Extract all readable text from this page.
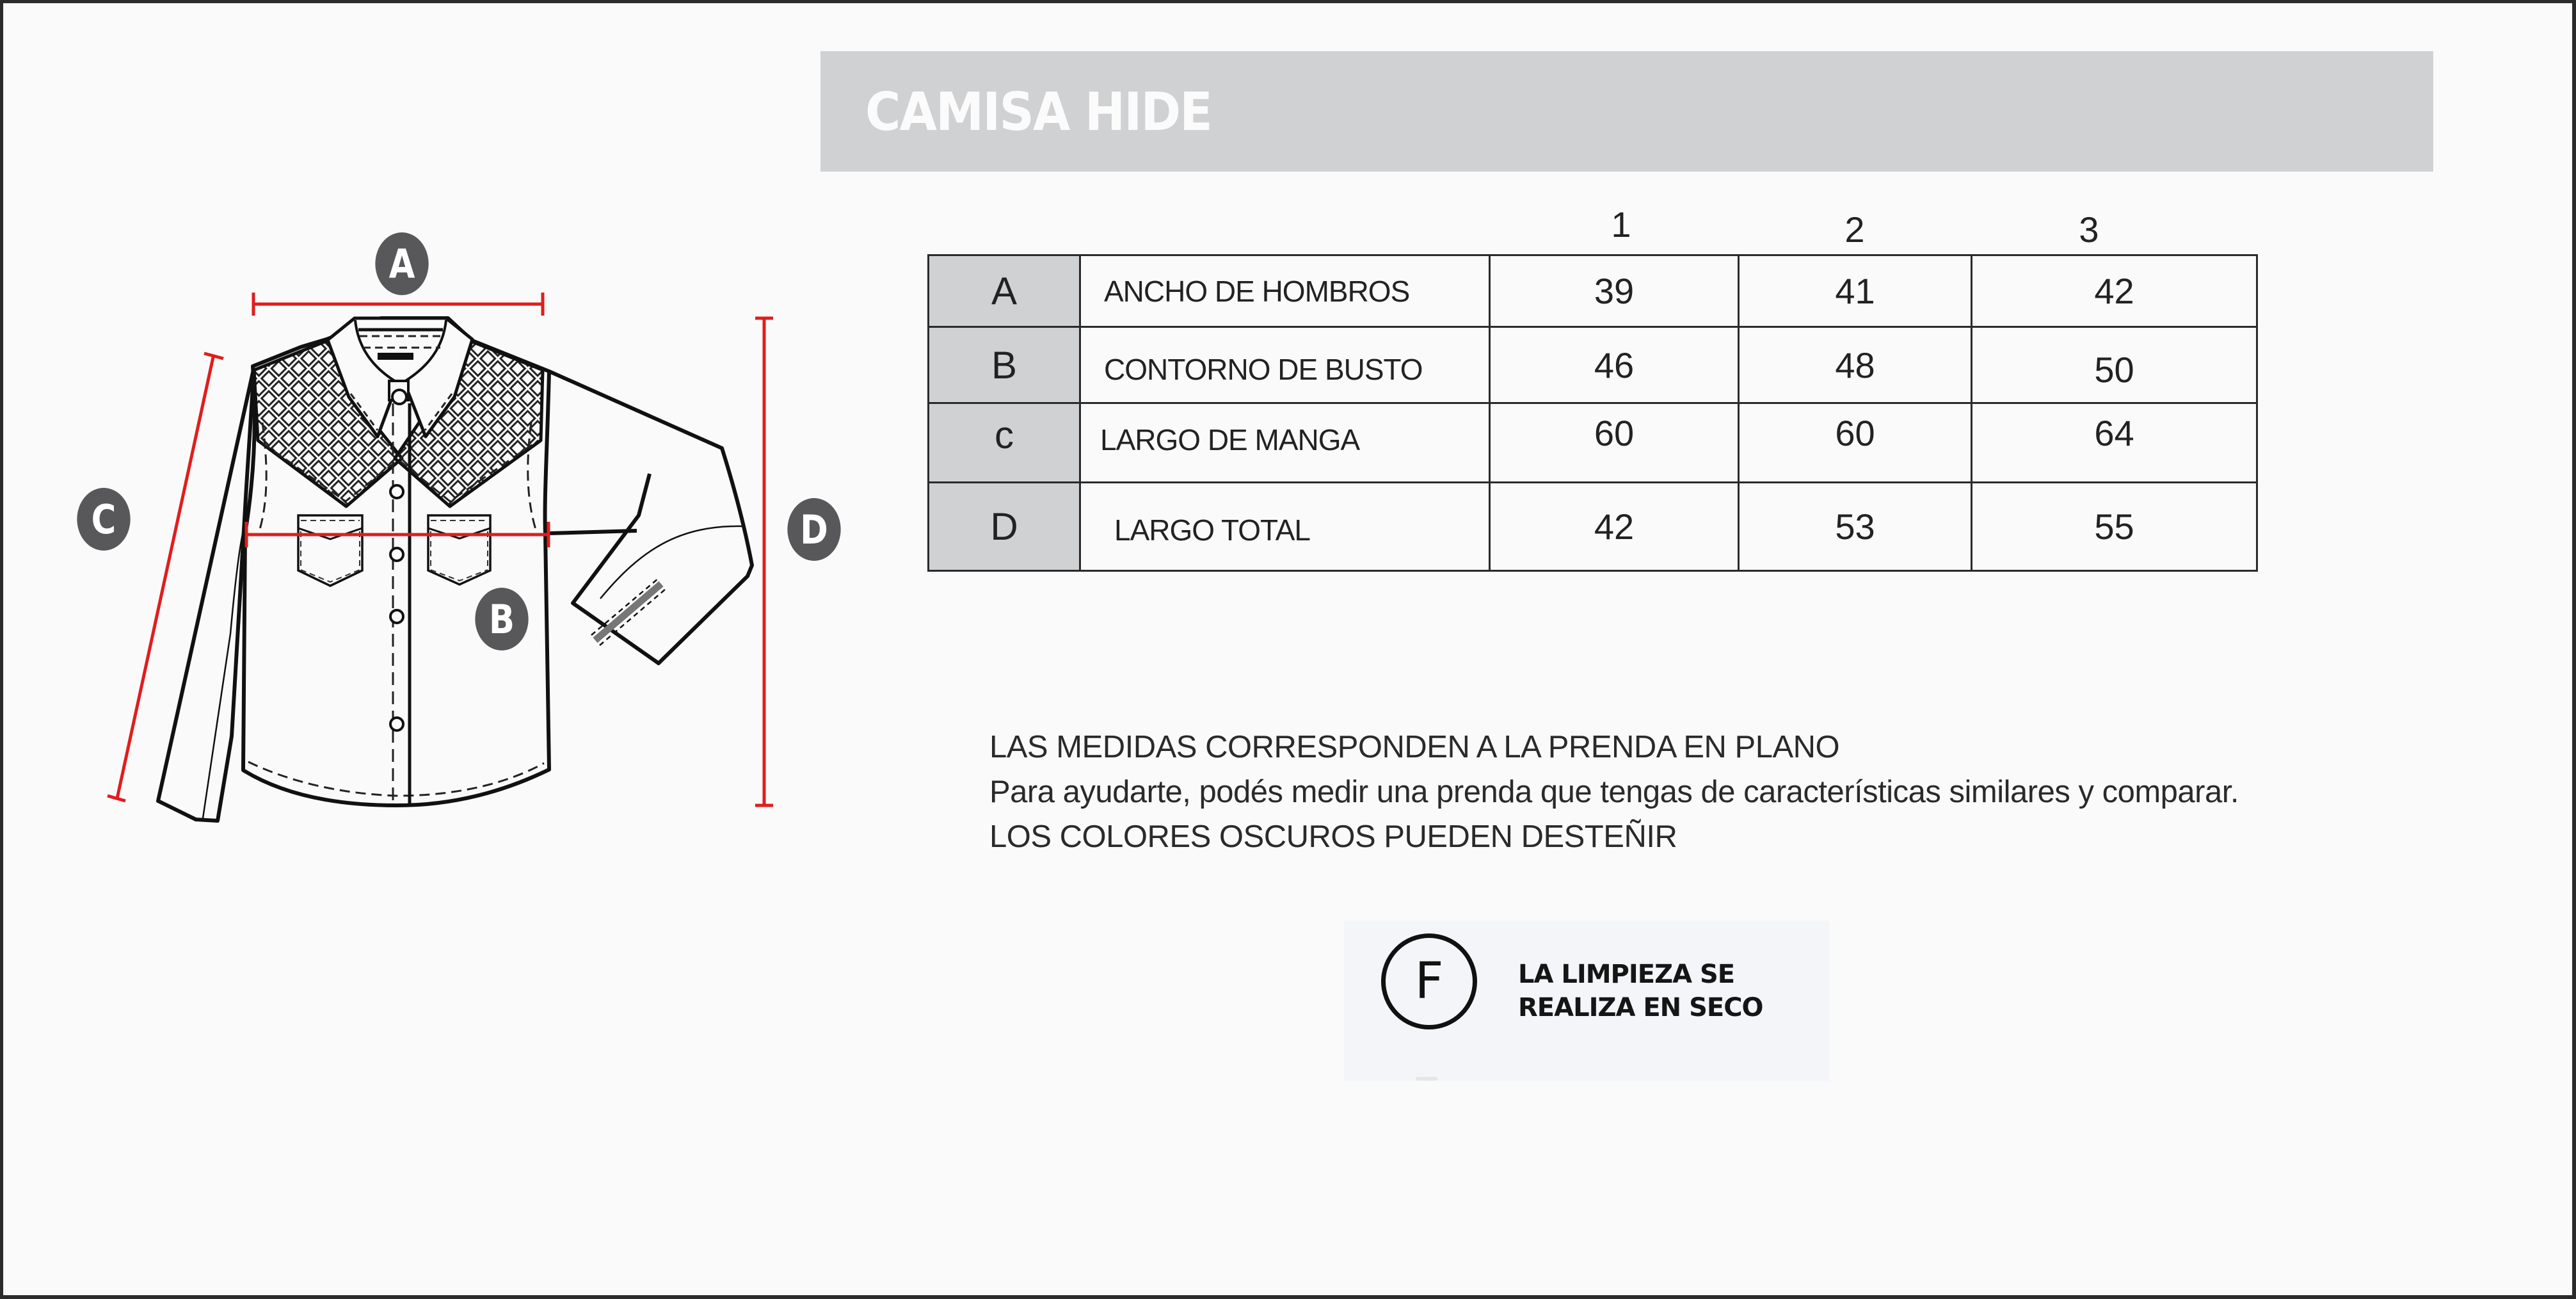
CAMISA HIDE
1	2	3
A	ANCHO DE HOMBROS	39	41	42
B	CONTORNO DE BUSTO	46	48	50
c	LARGO DE MANGA	60	60	64
D	LARGO TOTAL	42	53	55
LAS MEDIDAS CORRESPONDEN A LA PRENDA EN PLANO
Para ayudarte, podés medir una prenda que tengas de características similares y comparar.
LOS COLORES OSCUROS PUEDEN DESTEÑIR
F	LA LIMPIEZA SE
REALIZA EN SECO
A
C
B
D
